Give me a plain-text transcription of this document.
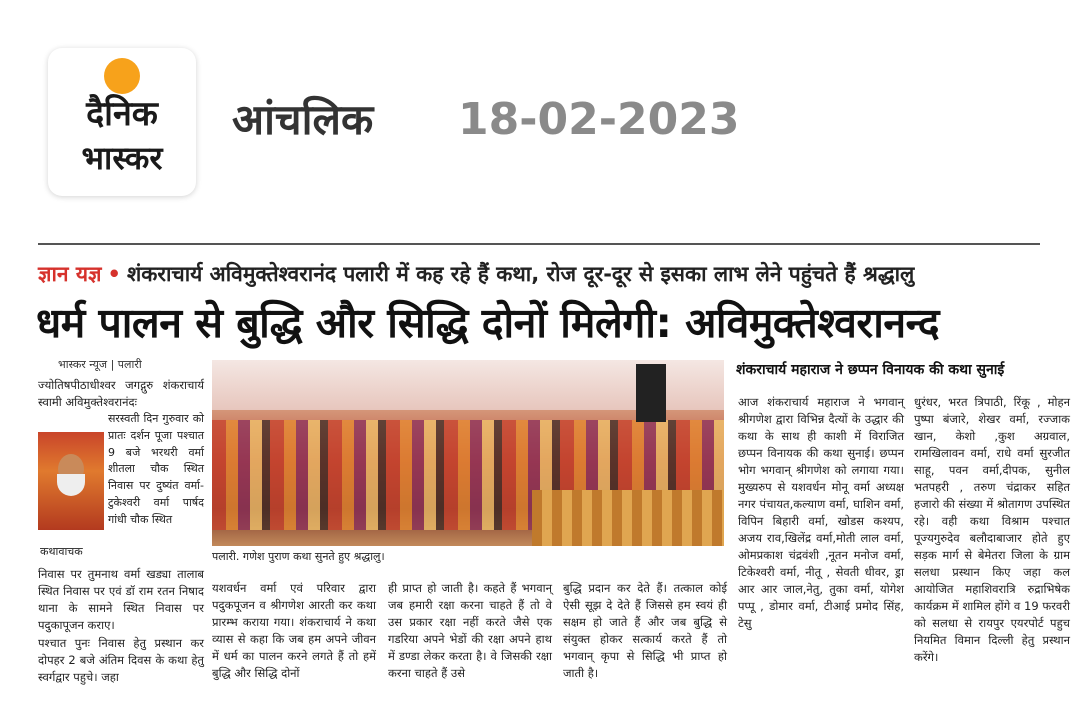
दैनिक
भास्कर
आंचलिक 18-02-2023
ज्ञान यज्ञ • शंकराचार्य अविमुक्तेश्वरानंद पलारी में कह रहे हैं कथा, रोज दूर-दूर से इसका लाभ लेने पहुंचते हैं श्रद्धालु
धर्म पालन से बुद्धि और सिद्धि दोनों मिलेगी: अविमुक्तेश्वरानन्द
भास्कर न्यूज | पलारी
ज्योतिषपीठाधीश्वर जगद्गुरु शंकराचार्य स्वामी अविमुक्तेश्वरानंदः
सरस्वती दिन गुरुवार को प्रातः दर्शन पूजा पश्चात 9 बजे भरथरी वर्मा शीतला चौक स्थित निवास पर दुष्यंत वर्मा-टुकेश्वरी वर्मा पार्षद गांधी चौक स्थित
कथावाचक
निवास पर तुमनाथ वर्मा खड्या तालाब स्थित निवास पर एवं डॉ राम रतन निषाद थाना के सामने स्थित निवास पर पदुकापूजन कराए।
पश्चात पुनः निवास हेतु प्रस्थान कर दोपहर 2 बजे अंतिम दिवस के कथा हेतु स्वर्गद्वार पहुचे। जहा
पलारी. गणेश पुराण कथा सुनते हुए श्रद्धालु।
यशवर्धन वर्मा एवं परिवार द्वारा पदुकपूजन व श्रीगणेश आरती कर कथा प्रारम्भ कराया गया। शंकराचार्य ने कथा व्यास से कहा कि जब हम अपने जीवन में धर्म का पालन करने लगते हैं तो हमें बुद्धि और सिद्धि दोनों
ही प्राप्त हो जाती है। कहते हैं भगवान् जब हमारी रक्षा करना चाहते हैं तो वे उस प्रकार रक्षा नहीं करते जैसे एक गडरिया अपने भेडों की रक्षा अपने हाथ में डण्डा लेकर करता है। वे जिसकी रक्षा करना चाहते हैं उसे
बुद्धि प्रदान कर देते हैं। तत्काल कोई ऐसी सूझ दे देते हैं जिससे हम स्वयं ही सक्षम हो जाते हैं और जब बुद्धि से संयुक्त होकर सत्कार्य करते हैं तो भगवान् कृपा से सिद्धि भी प्राप्त हो जाती है।
शंकराचार्य महाराज ने छप्पन विनायक की कथा सुनाई
आज शंकराचार्य महाराज ने भगवान् श्रीगणेश द्वारा विभिन्न दैत्यों के उद्धार की कथा के साथ ही काशी में विराजित छप्पन विनायक की कथा सुनाई। छप्पन भोग भगवान् श्रीगणेश को लगाया गया। मुख्यरुप से यशवर्धन मोनू वर्मा अध्यक्ष नगर पंचायत,कल्याण वर्मा, घाशिन वर्मा, विपिन बिहारी वर्मा, खोडस कश्यप, अजय राव,खिलेंद्र वर्मा,मोती लाल वर्मा, ओमप्रकाश चंद्रवंशी ,नूतन मनोज वर्मा, टिकेश्वरी वर्मा, नीतू , सेवती धीवर, ड्रा आर आर जाल,नेतु, तुका वर्मा, योगेश पप्पू , डोमार वर्मा, टीआई प्रमोद सिंह, टेसु
धुरंधर, भरत त्रिपाठी, रिंकू , मोहन पुष्पा बंजारे, शेखर वर्मा, रज्जाक खान, केशो ,कुश अग्रवाल, रामखिलावन वर्मा, राधे वर्मा सुरजीत साहू, पवन वर्मा,दीपक, सुनील भतपहरी , तरुण चंद्राकर सहित हजारो की संख्या में श्रोतागण उपस्थित रहे। वही कथा विश्राम पश्चात पूज्यगुरुदेव बलौदाबाजार होते हुए सड़क मार्ग से बेमेतरा जिला के ग्राम सलधा प्रस्थान किए जहा कल आयोजित महाशिवरात्रि रुद्राभिषेक कार्यक्रम में शामिल होंगे व 19 फरवरी को सलधा से रायपुर एयरपोर्ट पहुच नियमित विमान दिल्ली हेतु प्रस्थान करेंगे।
